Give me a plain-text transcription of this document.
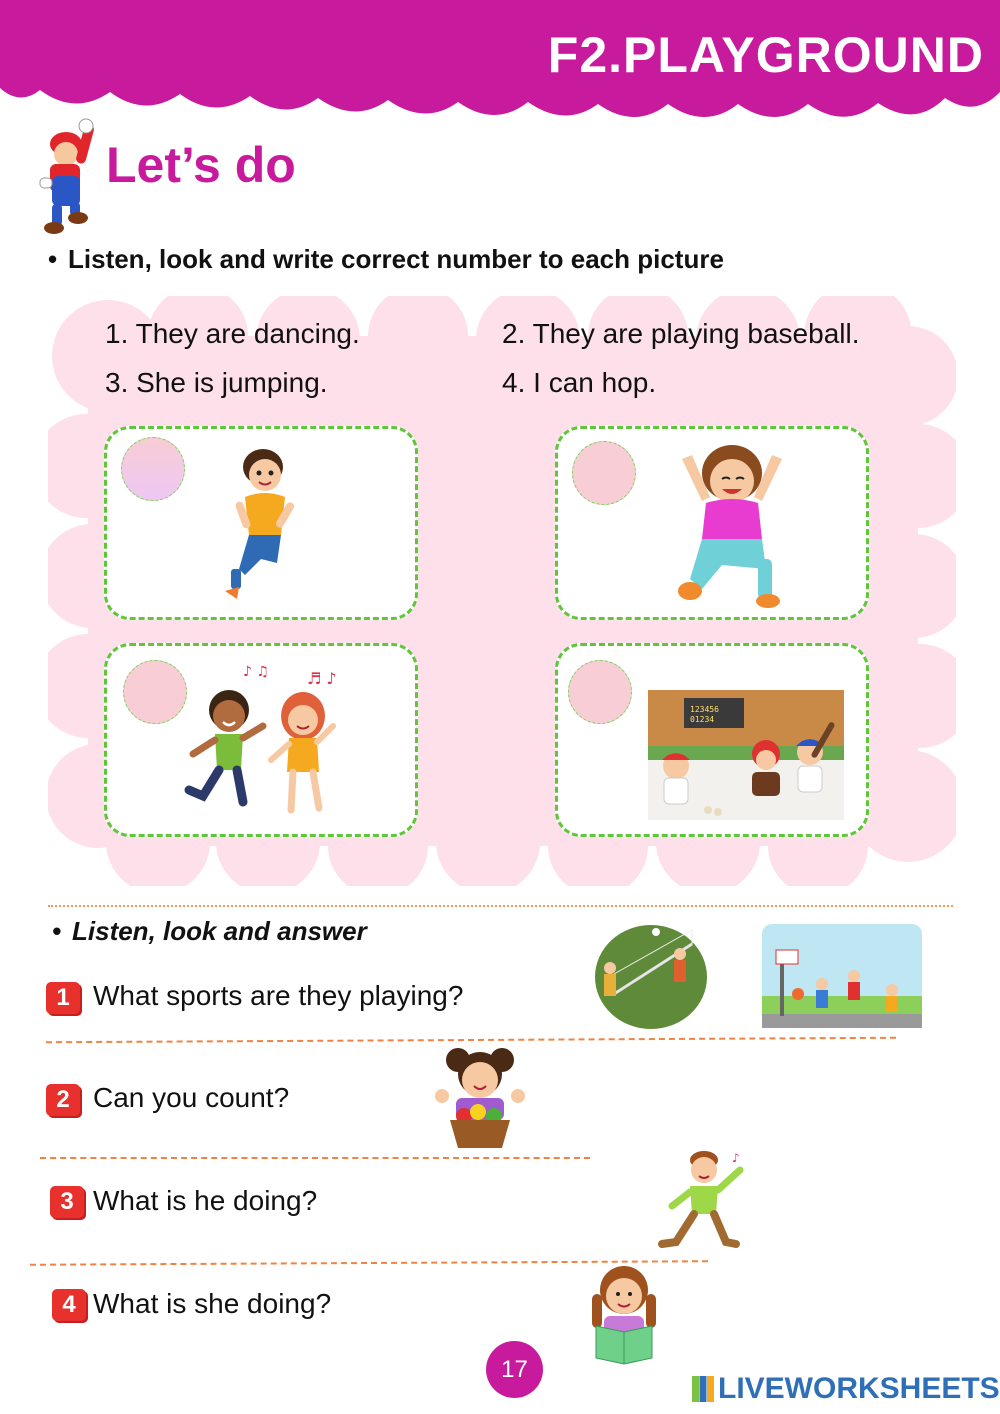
F2.PLAYGROUND
Let’s do
• Listen, look and write correct number to each picture
1. They are dancing.	2. They are playing baseball.
3. She is jumping.	4. I can hop.
♪ ♫ ♬ ♪
123456
01234
• Listen, look and answer
1 What sports are they playing?
2 Can you count?
3 What is he doing?
♪
4 What is she doing?
17
LIVEWORKSHEETS
